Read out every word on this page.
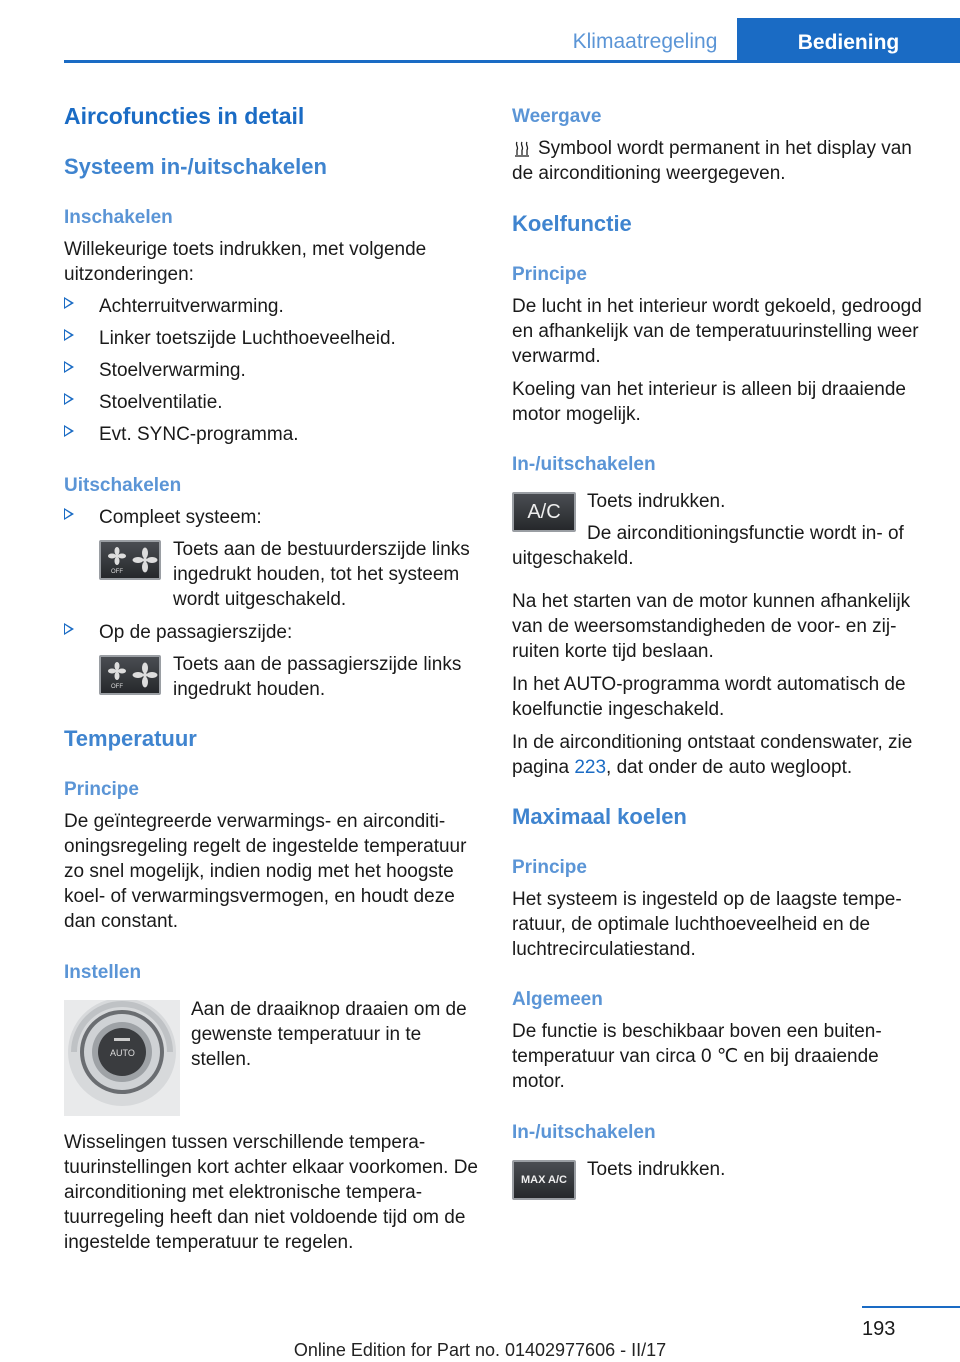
Klimaatregeling	Bediening
Aircofuncties in detail
Systeem in-/uitschakelen
Inschakelen
Willekeurige toets indrukken, met volgende uitzonderingen:
Achterruitverwarming.
Linker toetszijde Luchthoeveelheid.
Stoelverwarming.
Stoelventilatie.
Evt. SYNC-programma.
Uitschakelen
Compleet systeem:
OFF
Toets aan de bestuurderszijde links ingedrukt houden, tot het systeem wordt uitgeschakeld.
Op de passagierszijde:
OFF
Toets aan de passagierszijde links ingedrukt houden.
Temperatuur
Principe
De geïntegreerde verwarmings- en airconditioningsregeling regelt de ingestelde temperatuur zo snel mogelijk, indien nodig met het hoogste koel- of verwarmingsvermogen, en houdt deze dan constant.
Instellen
AUTO
Aan de draaiknop draaien om de gewenste temperatuur in te stellen.
Wisselingen tussen verschillende temperatuurinstellingen kort achter elkaar voorkomen. De airconditioning met elektronische temperatuurregeling heeft dan niet voldoende tijd om de ingestelde temperatuur te regelen.
Weergave
Symbool wordt permanent in het display van de airconditioning weergegeven.
Koelfunctie
Principe
De lucht in het interieur wordt gekoeld, gedroogd en afhankelijk van de temperatuurinstelling weer verwarmd.
Koeling van het interieur is alleen bij draaiende motor mogelijk.
In-/uitschakelen
A/C	Toets indrukken.
De airconditioningsfunctie wordt in- of uitgeschakeld.
Na het starten van de motor kunnen afhankelijk van de weersomstandigheden de voor- en zijruiten korte tijd beslaan.
In het AUTO-programma wordt automatisch de koelfunctie ingeschakeld.
In de airconditioning ontstaat condenswater, zie pagina 223, dat onder de auto wegloopt.
Maximaal koelen
Principe
Het systeem is ingesteld op de laagste temperatuur, de optimale luchthoeveelheid en de luchtrecirculatiestand.
Algemeen
De functie is beschikbaar boven een buitentemperatuur van circa 0 ℃ en bij draaiende motor.
In-/uitschakelen
MAX A/C	Toets indrukken.
193
Online Edition for Part no. 01402977606 - II/17
